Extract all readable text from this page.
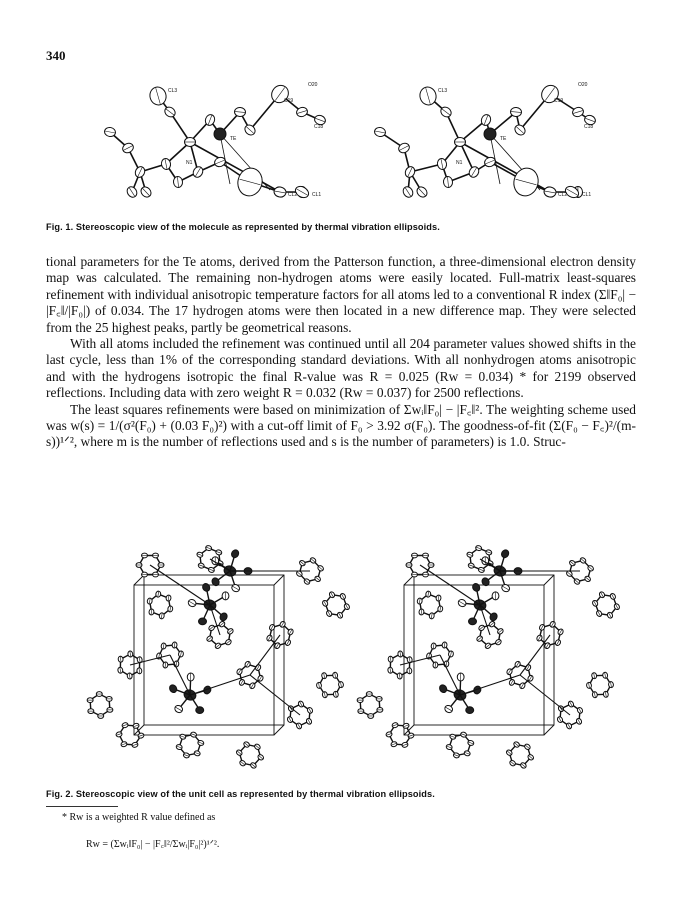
340
CL3
CL2	CL1
TE
O20
C19
C18
N1
CL3
CL2	CL1
TE
O20
C19
C18
N1
Fig. 1. Stereoscopic view of the molecule as represented by thermal vibration ellipsoids.

tional parameters for the Te atoms, derived from the Patterson function, a three-dimensional electron density map was calculated. The remaining non-hydrogen atoms were easily located. Full-matrix least-squares refinement with individual anisotropic temperature factors for all atoms led to a conventional R index (Σ‖F₀| − |F꜀‖/|F₀|) of 0.034. The 17 hydrogen atoms were then located in a new difference map. They were selected from the 25 highest peaks, partly be geometrical reasons.

With all atoms included the refinement was continued until all 204 parameter values showed shifts in the last cycle, less than 1% of the corresponding standard deviations. With all nonhydrogen atoms anisotropic and with the hydrogens isotropic the final R-value was R = 0.025 (Rw = 0.034) * for 2199 observed reflections. Including data with zero weight R = 0.032 (Rw = 0.037) for 2500 reflections.

The least squares refinements were based on minimization of Σwᵢ‖F₀| − |F꜀‖². The weighting scheme used was w(s) = 1/(σ²(F₀) + (0.03 F₀)²) with a cut-off limit of F₀ > 3.92 σ(F₀). The goodness-of-fit (Σ(F₀ − F꜀)²/(m-s))¹ᐟ², where m is the number of reflections used and s is the number of parameters) is 1.0. Struc-

Fig. 2. Stereoscopic view of the unit cell as represented by thermal vibration ellipsoids.
* Rw is a weighted R value defined as
Rw = (Σwᵢ‖F₀| − |F꜀‖²/Σwᵢ|F₀|²)¹ᐟ².
